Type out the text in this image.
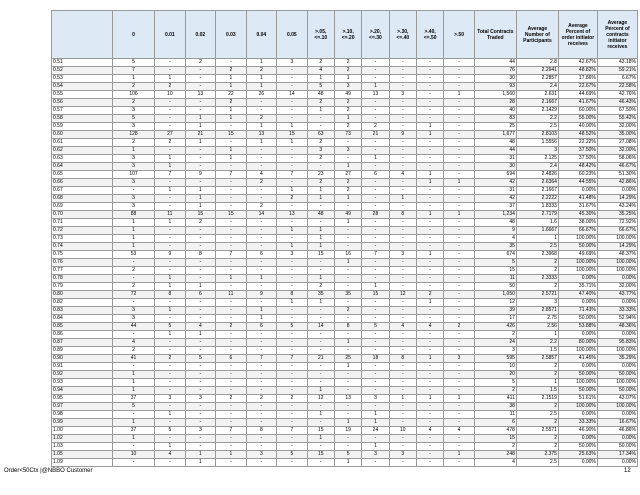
	0	0.01	0.02	0.03	0.04	0.05	>.05, <=.10	>.10, <=.20	>.20, <=.30	>.30, <=.40	>.40, <=.50	>.50	Total Contracts Traded	Average Number of Participants	Average Percent of order initiator receives	Average Percent of contracts initiator receives
0.51	5	-	2	-	1	3	2	2	-	-	-	-	44	2.8	42.67%	43.18%
0.52	7	-	-	2	2	-	4	2	-	-	-	-	76	2.2941	48.82%	59.21%
0.53	1	1	-	1	1	-	1	1	-	-	-	-	30	2.2857	17.86%	6.67%
0.54	2	2	-	1	1	-	5	3	1	-	-	-	93	2.4	22.67%	22.58%
0.55	106	10	13	22	26	14	48	49	13	3	-	1	1,560	2.631	44.69%	42.76%
0.56	2	-	-	2	-	-	2	2	-	-	-	-	28	2.1667	41.67%	46.43%
0.57	3	-	-	1	-	-	1	2	-	-	-	-	40	2.1429	60.00%	67.50%
0.58	5	-	1	1	2	-	-	1	-	-	-	-	83	2.2	55.00%	55.42%
0.59	3	-	1	-	1	1	-	2	2	-	1	-	25	2.5	40.00%	32.00%
0.60	128	27	21	15	13	15	63	73	21	9	1	-	1,677	2.8103	48.52%	35.00%
0.61	2	2	1	-	1	1	2	-	-	-	-	-	48	1.5556	22.22%	27.08%
0.62	1	-	-	1	-	-	3	3	-	-	-	-	44	3	37.50%	32.00%
0.63	3	1	-	1	-	-	2	-	1	-	-	-	31	2.125	37.50%	58.06%
0.64	3	1	-	-	-	-	-	1	-	-	-	-	30	2.4	48.42%	46.67%
0.65	107	7	9	7	4	7	23	27	6	4	1	-	694	2.4826	60.23%	51.30%
0.66	3	-	-	-	2	-	2	2	-	-	1	1	42	2.6364	44.55%	42.86%
0.67	-	1	1	-	-	1	1	2	-	-	-	-	31	2.1667	0.00%	0.00%
0.68	3	-	1	-	-	2	1	1	-	1	-	-	42	2.2222	41.48%	14.29%
0.69	3	-	1	-	2	-	-	-	-	-	-	-	37	1.8333	31.67%	43.24%
0.70	88	11	15	15	14	13	48	49	28	8	1	1	1,234	2.7179	45.30%	35.25%
0.71	1	1	2	-	-	-	-	1	-	-	-	-	48	1.6	38.00%	72.92%
0.72	1	-	-	-	-	1	1	-	-	-	-	-	9	1.6667	66.67%	66.67%
0.73	1	-	-	-	-	-	1	-	-	-	-	-	4	1	100.00%	100.00%
0.74	1	-	-	-	-	1	1	-	-	-	-	-	35	2.5	50.00%	14.29%
0.75	53	9	8	7	6	3	15	16	7	3	1	-	674	2.3968	49.69%	48.37%
0.76	-	-	-	-	-	-	-	1	-	-	-	-	5	2	100.00%	100.00%
0.77	2	-	-	-	-	-	-	-	-	-	-	-	15	2	100.00%	100.00%
0.78	-	1	-	1	1	-	1	-	-	-	-	-	11	2.3333	0.00%	0.00%
0.79	2	1	1	-	-	-	2	-	1	-	-	-	50	2	35.71%	32.00%
0.80	72	8	6	11	9	8	35	35	15	12	2	-	1,050	2.5721	47.40%	43.77%
0.82	-	-	-	-	-	1	1	-	-	-	1	-	12	3	0.00%	0.00%
0.83	3	1	-	-	1	-	-	2	-	-	-	-	39	2.8571	71.43%	33.33%
0.84	3	-	-	-	1	-	-	-	-	-	-	-	17	2.75	50.00%	52.94%
0.85	44	5	4	2	6	5	14	8	5	4	4	2	426	2.56	53.88%	48.36%
0.86	-	1	1	-	-	-	-	-	-	-	-	-	2	1	0.00%	0.00%
0.87	4	-	-	-	-	-	-	1	-	-	-	-	24	2.2	80.00%	95.83%
0.89	2	-	-	-	-	-	-	-	-	-	-	-	3	1.5	100.00%	100.00%
0.90	41	2	5	6	7	7	21	25	18	8	1	3	595	2.5857	41.45%	35.29%
0.91	-	-	-	-	-	-	-	1	-	-	-	-	10	2	0.00%	0.00%
0.92	1	-	-	-	-	-	-	-	-	-	-	-	20	2	50.00%	50.00%
0.93	1	-	-	-	-	-	-	-	-	-	-	-	5	1	100.00%	100.00%
0.94	1	-	-	-	-	-	1	-	-	-	-	-	2	1.5	50.00%	50.00%
0.95	37	3	3	2	2	2	12	13	3	1	1	1	411	2.1519	51.61%	43.07%
0.97	5	-	-	-	-	-	-	-	-	-	-	-	38	2	100.00%	100.00%
0.98	-	1	-	-	-	-	1	-	1	-	-	-	11	2.5	0.00%	0.00%
0.99	1	-	-	-	-	-	-	1	1	-	-	-	6	2	33.33%	16.67%
1.00	37	5	3	7	8	7	15	19	24	10	4	4	478	2.5571	46.90%	46.86%
1.02	1	-	-	-	-	-	1	-	-	-	-	-	15	2	0.00%	0.00%
1.03	-	1	-	-	-	-	-	-	1	-	-	-	2	2	50.00%	50.00%
1.05	10	4	1	1	3	5	15	5	3	3	-	1	248	2.375	25.63%	17.34%
1.09	-	-	1	-	-	-	-	1	-	-	-	-	4	2.5	0.00%	0.00%
Order<50Ctx |@NBBO Customer	12
